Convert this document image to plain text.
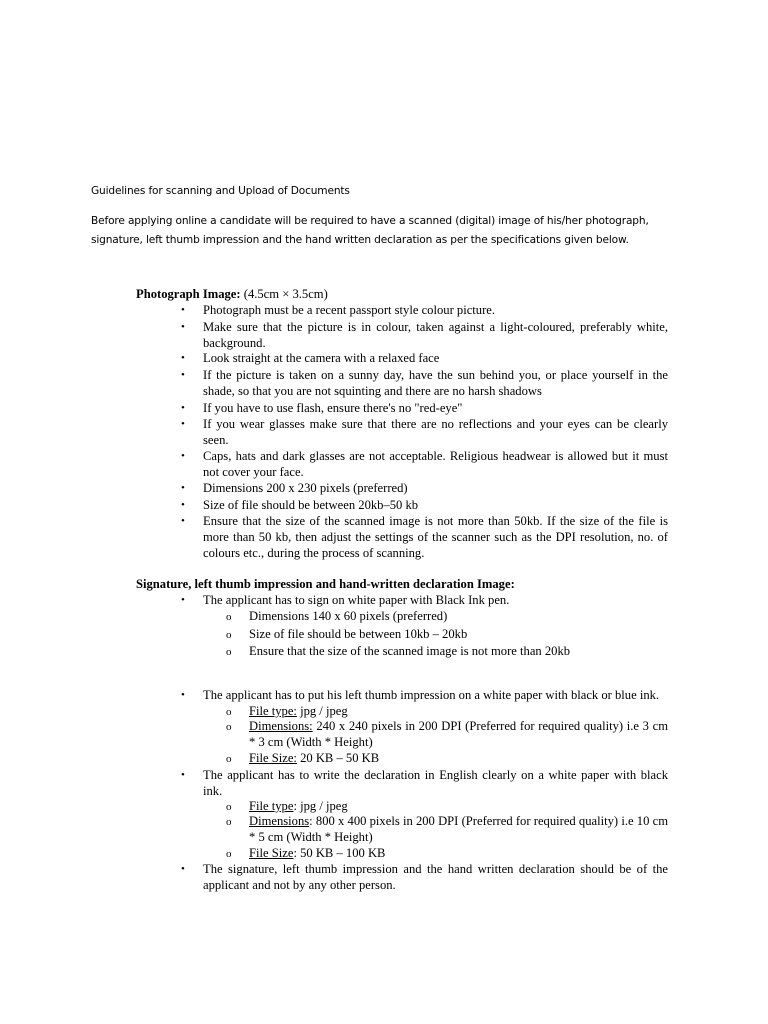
Guidelines for scanning and Upload of Documents
Before applying online a candidate will be required to have a scanned (digital) image of his/her photograph, signature, left thumb impression and the hand written declaration as per the specifications given below.
Photograph Image: (4.5cm × 3.5cm)
• Photograph must be a recent passport style colour picture.
• Make sure that the picture is in colour, taken against a light-coloured, preferably white, background.
• Look straight at the camera with a relaxed face
• If the picture is taken on a sunny day, have the sun behind you, or place yourself in the shade, so that you are not squinting and there are no harsh shadows
• If you have to use flash, ensure there's no "red-eye"
• If you wear glasses make sure that there are no reflections and your eyes can be clearly seen.
• Caps, hats and dark glasses are not acceptable. Religious headwear is allowed but it must not cover your face.
• Dimensions 200 x 230 pixels (preferred)
• Size of file should be between 20kb–50 kb
• Ensure that the size of the scanned image is not more than 50kb. If the size of the file is more than 50 kb, then adjust the settings of the scanner such as the DPI resolution, no. of colours etc., during the process of scanning.
Signature, left thumb impression and hand-written declaration Image:
• The applicant has to sign on white paper with Black Ink pen.
o Dimensions 140 x 60 pixels (preferred)
o Size of file should be between 10kb – 20kb
o Ensure that the size of the scanned image is not more than 20kb
• The applicant has to put his left thumb impression on a white paper with black or blue ink.
o File type: jpg / jpeg
o Dimensions: 240 x 240 pixels in 200 DPI (Preferred for required quality) i.e 3 cm * 3 cm (Width * Height)
o File Size: 20 KB – 50 KB
• The applicant has to write the declaration in English clearly on a white paper with black ink.
o File type: jpg / jpeg
o Dimensions: 800 x 400 pixels in 200 DPI (Preferred for required quality) i.e 10 cm * 5 cm (Width * Height)
o File Size: 50 KB – 100 KB
• The signature, left thumb impression and the hand written declaration should be of the applicant and not by any other person.
